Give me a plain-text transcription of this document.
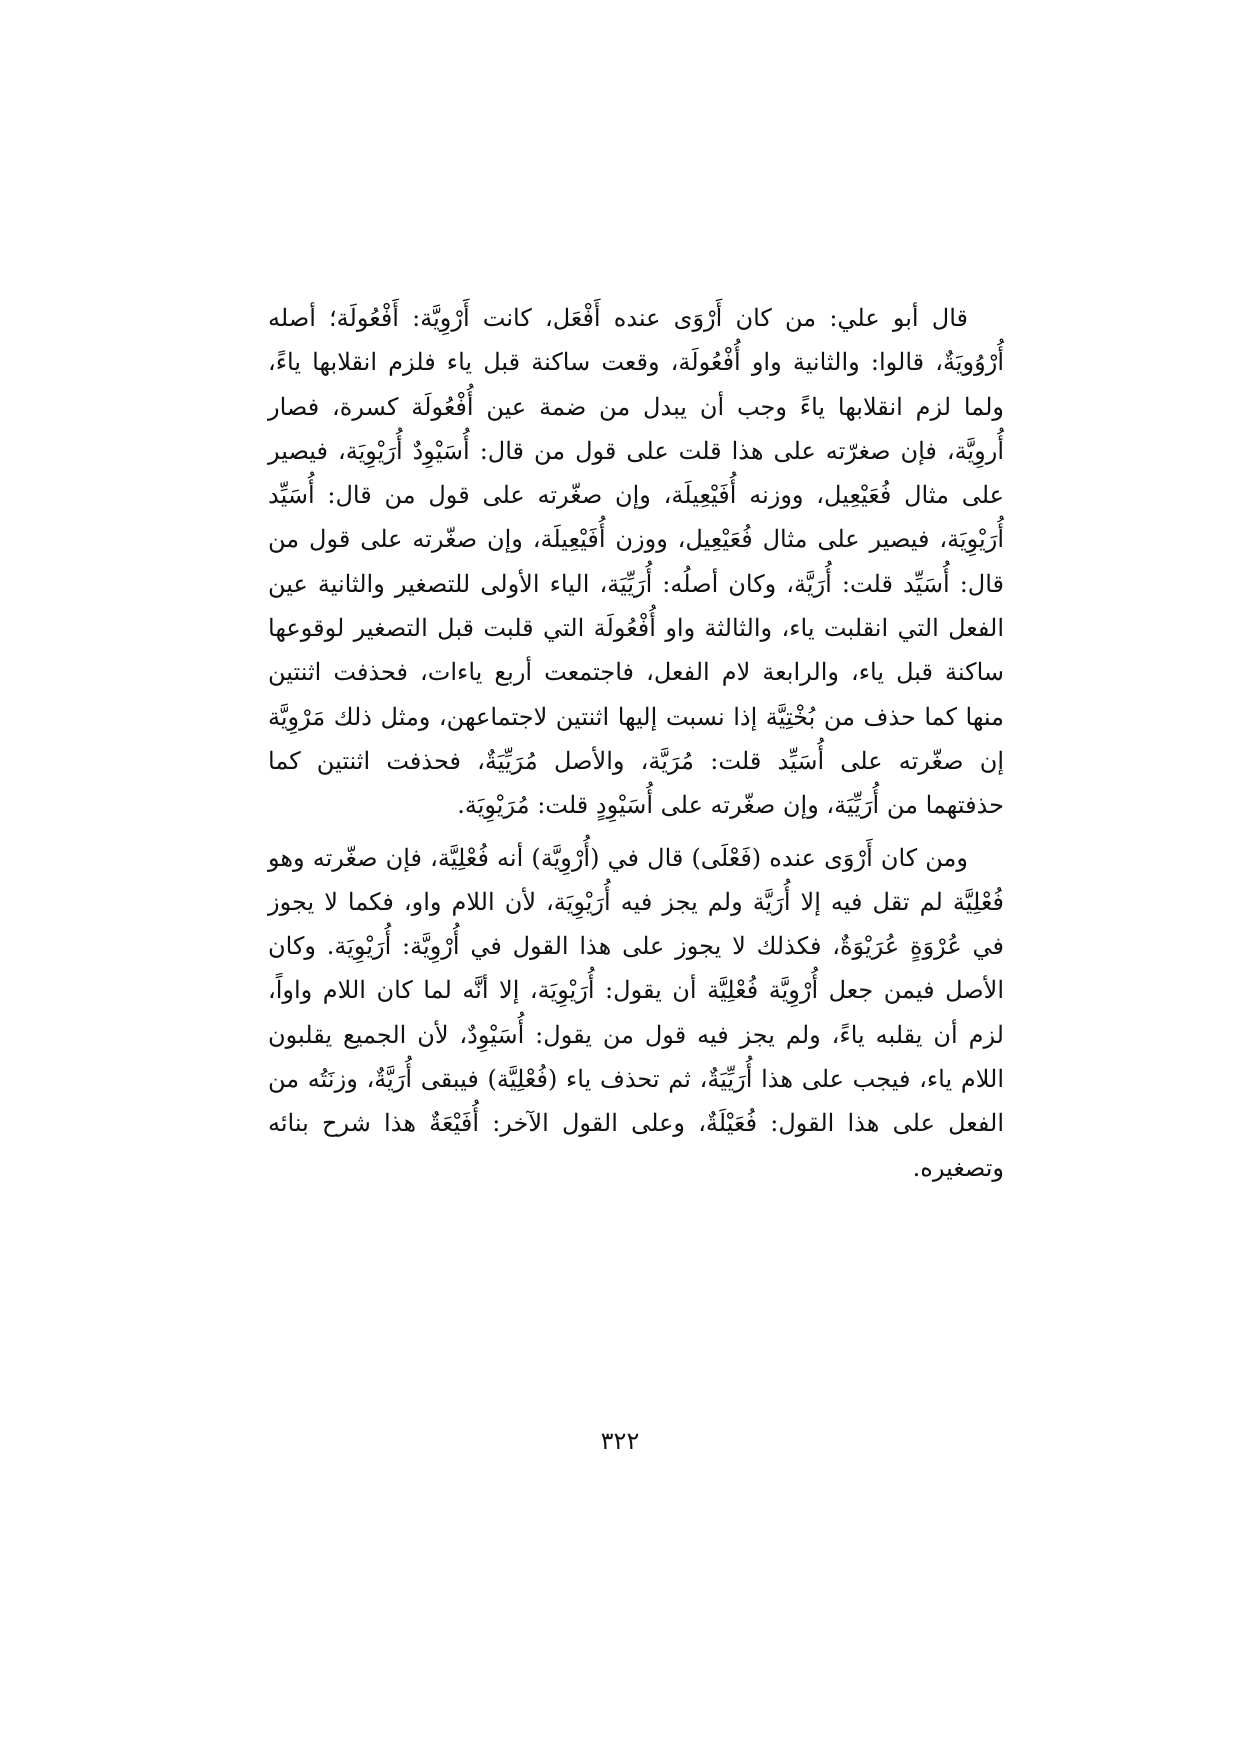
قال أبو علي: من كان أَرْوَى عنده أَفْعَل، كانت أَرْوِيَّة: أَفْعُولَة؛ أصله أُرْوُويَةٌ، قالوا: والثانية واو أُفْعُولَة، وقعت ساكنة قبل ياء فلزم انقلابها ياءً، ولما لزم انقلابها ياءً وجب أن يبدل من ضمة عين أُفْعُولَة كسرة، فصار أُروِيَّة، فإن صغرّته على هذا قلت على قول من قال: أُسَيْوِدٌ أُرَيْوِيَة، فيصير على مثال فُعَيْعِيل، ووزنه أُفَيْعِيلَة، وإن صغّرته على قول من قال: أُسَيِّد أُرَيْوِيَة، فيصير على مثال فُعَيْعِيل، ووزن أُفَيْعِيلَة، وإن صغّرته على قول من قال: أُسَيِّد قلت: أُرَيَّة، وكان أصلُه: أُرَيِّيَة، الياء الأولى للتصغير والثانية عين الفعل التي انقلبت ياء، والثالثة واو أُفْعُولَة التي قلبت قبل التصغير لوقوعها ساكنة قبل ياء، والرابعة لام الفعل، فاجتمعت أربع ياءات، فحذفت اثنتين منها كما حذف من بُخْتِيَّة إذا نسبت إليها اثنتين لاجتماعهن، ومثل ذلك مَرْوِيَّة إن صغّرته على أُسَيِّد قلت: مُرَيَّة، والأصل مُرَيِّيَةٌ، فحذفت اثنتين كما حذفتهما من أُرَيِّيَة، وإن صغّرته على أُسَيْوِدٍ قلت: مُرَيْوِيَة.

ومن كان أَرْوَى عنده (فَعْلَى) قال في (أُرْوِيَّة) أنه فُعْلِيَّة، فإن صغّرته وهو فُعْلِيَّة لم تقل فيه إلا أُرَيَّة ولم يجز فيه أُرَيْوِيَة، لأن اللام واو، فكما لا يجوز في عُرْوَةٍ عُرَيْوَةٌ، فكذلك لا يجوز على هذا القول في أُرْوِيَّة: أُرَيْوِيَة. وكان الأصل فيمن جعل أُرْوِيَّة فُعْلِيَّة أن يقول: أُرَيْوِيَة، إلا أنَّه لما كان اللام واواً، لزم أن يقلبه ياءً، ولم يجز فيه قول من يقول: أُسَيْوِدٌ، لأن الجميع يقلبون اللام ياء، فيجب على هذا أُرَيِّيَةٌ، ثم تحذف ياء (فُعْلِيَّة) فيبقى أُرَيَّةٌ، وزنَتُه من الفعل على هذا القول: فُعَيْلَةٌ، وعلى القول الآخر: أُفَيْعَةٌ هذا شرح بنائه وتصغيره.

٣٢٢
